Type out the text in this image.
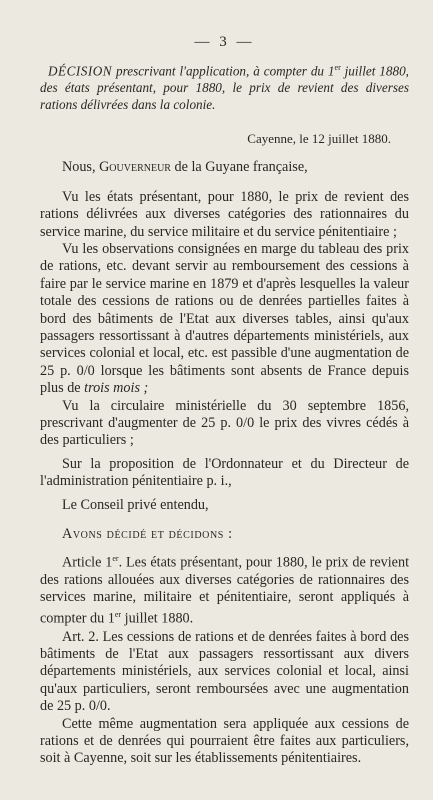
— 3 —
DÉCISION prescrivant l'application, à compter du 1er juillet 1880, des états présentant, pour 1880, le prix de revient des diverses rations délivrées dans la colonie.
Cayenne, le 12 juillet 1880.

Nous, Gouverneur de la Guyane française,

Vu les états présentant, pour 1880, le prix de revient des rations délivrées aux diverses catégories des rationnaires du service marine, du service militaire et du service pénitentiaire ;

Vu les observations consignées en marge du tableau des prix de rations, etc. devant servir au remboursement des cessions à faire par le service marine en 1879 et d'après lesquelles la valeur totale des cessions de rations ou de denrées partielles faites à bord des bâtiments de l'Etat aux diverses tables, ainsi qu'aux passagers ressortissant à d'autres départements ministériels, aux services colonial et local, etc. est passible d'une augmentation de 25 p. 0/0 lorsque les bâtiments sont absents de France depuis plus de trois mois ;

Vu la circulaire ministérielle du 30 septembre 1856, prescrivant d'augmenter de 25 p. 0/0 le prix des vivres cédés à des particuliers ;

Sur la proposition de l'Ordonnateur et du Directeur de l'administration pénitentiaire p. i.,

Le Conseil privé entendu,

Avons décidé et décidons :

Article 1er. Les états présentant, pour 1880, le prix de revient des rations allouées aux diverses catégories de rationnaires des services marine, militaire et pénitentiaire, seront appliqués à compter du 1er juillet 1880.

Art. 2. Les cessions de rations et de denrées faites à bord des bâtiments de l'Etat aux passagers ressortissant aux divers départements ministériels, aux services colonial et local, ainsi qu'aux particuliers, seront remboursées avec une augmentation de 25 p. 0/0.

Cette même augmentation sera appliquée aux cessions de rations et de denrées qui pourraient être faites aux particuliers, soit à Cayenne, soit sur les établissements pénitentiaires.
